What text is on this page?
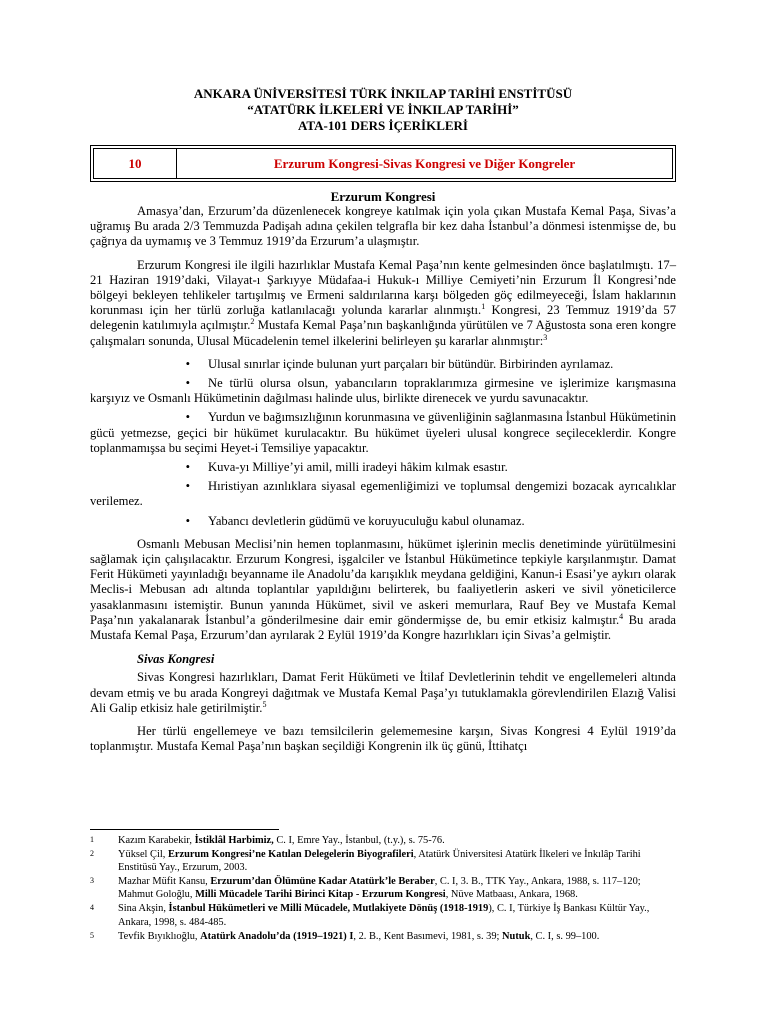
ANKARA ÜNİVERSİTESİ TÜRK İNKILAP TARİHİ ENSTİTÜSÜ
“ATATÜRK İLKELERİ VE İNKILAP TARİHİ”
ATA-101 DERS İÇERİKLERİ
10	Erzurum Kongresi-Sivas Kongresi ve Diğer Kongreler
Erzurum Kongresi

Amasya’dan, Erzurum’da düzenlenecek kongreye katılmak için yola çıkan Mustafa Kemal Paşa, Sivas’a uğramış Bu arada 2/3 Temmuzda Padişah adına çekilen telgrafla bir kez daha İstanbul’a dönmesi istenmişse de, bu çağrıya da uymamış ve 3 Temmuz 1919’da Erzurum’a ulaşmıştır.

Erzurum Kongresi ile ilgili hazırlıklar Mustafa Kemal Paşa’nın kente gelmesinden önce başlatılmıştı. 17–21 Haziran 1919’daki, Vilayat-ı Şarkıyye Müdafaa-i Hukuk-ı Milliye Cemiyeti’nin Erzurum İl Kongresi’nde bölgeyi bekleyen tehlikeler tartışılmış ve Ermeni saldırılarına karşı bölgeden göç edilmeyeceği, İslam haklarının korunması için her türlü zorluğa katlanılacağı yolunda kararlar alınmıştı.$^1$ Kongresi, 23 Temmuz 1919’da 57 delegenin katılımıyla açılmıştır.$^2$ Mustafa Kemal Paşa’nın başkanlığında yürütülen ve 7 Ağustosta sona eren kongre çalışmaları sonunda, Ulusal Mücadelenin temel ilkelerini belirleyen şu kararlar alınmıştır:$^3$

• Ulusal sınırlar içinde bulunan yurt parçaları bir bütündür. Birbirinden ayrılamaz.
• Ne türlü olursa olsun, yabancıların topraklarımıza girmesine ve işlerimize karışmasına karşıyız ve Osmanlı Hükümetinin dağılması halinde ulus, birlikte direnecek ve yurdu savunacaktır.
• Yurdun ve bağımsızlığının korunmasına ve güvenliğinin sağlanmasına İstanbul Hükümetinin gücü yetmezse, geçici bir hükümet kurulacaktır. Bu hükümet üyeleri ulusal kongrece seçileceklerdir. Kongre toplanmamışsa bu seçimi Heyet-i Temsiliye yapacaktır.
• Kuva-yı Milliye’yi amil, milli iradeyi hâkim kılmak esastır.
• Hıristiyan azınlıklara siyasal egemenliğimizi ve toplumsal dengemizi bozacak ayrıcalıklar verilemez.
• Yabancı devletlerin güdümü ve koruyuculuğu kabul olunamaz.

Osmanlı Mebusan Meclisi’nin hemen toplanmasını, hükümet işlerinin meclis denetiminde yürütülmesini sağlamak için çalışılacaktır. Erzurum Kongresi, işgalciler ve İstanbul Hükümetince tepkiyle karşılanmıştır. Damat Ferit Hükümeti yayınladığı beyanname ile Anadolu’da karışıklık meydana geldiğini, Kanun-i Esasi’ye aykırı olarak Meclis-i Mebusan adı altında toplantılar yapıldığını belirterek, bu faaliyetlerin askeri ve sivil yöneticilerce yasaklanmasını istemiştir. Bunun yanında Hükümet, sivil ve askeri memurlara, Rauf Bey ve Mustafa Kemal Paşa’nın yakalanarak İstanbul’a gönderilmesine dair emir göndermişse de, bu emir etkisiz kalmıştır.$^4$ Bu arada Mustafa Kemal Paşa, Erzurum’dan ayrılarak 2 Eylül 1919’da Kongre hazırlıkları için Sivas’a gelmiştir.

Sivas Kongresi

Sivas Kongresi hazırlıkları, Damat Ferit Hükümeti ve İtilaf Devletlerinin tehdit ve engellemeleri altında devam etmiş ve bu arada Kongreyi dağıtmak ve Mustafa Kemal Paşa’yı tutuklamakla görevlendirilen Elazığ Valisi Ali Galip etkisiz hale getirilmiştir.$^5$

Her türlü engellemeye ve bazı temsilcilerin gelememesine karşın, Sivas Kongresi 4 Eylül 1919’da toplanmıştır. Mustafa Kemal Paşa’nın başkan seçildiği Kongrenin ilk üç günü, İttihatçı

1 Kazım Karabekir, İstiklâl Harbimiz, C. I, Emre Yay., İstanbul, (t.y.), s. 75-76.
2 Yüksel Çil, Erzurum Kongresi’ne Katılan Delegelerin Biyografileri, Atatürk Üniversitesi Atatürk İlkeleri ve İnkılâp Tarihi Enstitüsü Yay., Erzurum, 2003.
3 Mazhar Müfit Kansu, Erzurum’dan Ölümüne Kadar Atatürk’le Beraber, C. I, 3. B., TTK Yay., Ankara, 1988, s. 117–120; Mahmut Goloğlu, Milli Mücadele Tarihi Birinci Kitap - Erzurum Kongresi, Nüve Matbaası, Ankara, 1968.
4 Sina Akşin, İstanbul Hükümetleri ve Milli Mücadele, Mutlakiyete Dönüş (1918-1919), C. I, Türkiye İş Bankası Kültür Yay., Ankara, 1998, s. 484-485.
5 Tevfik Bıyıklıoğlu, Atatürk Anadolu’da (1919–1921) I, 2. B., Kent Basımevi, 1981, s. 39; Nutuk, C. I, s. 99–100.
